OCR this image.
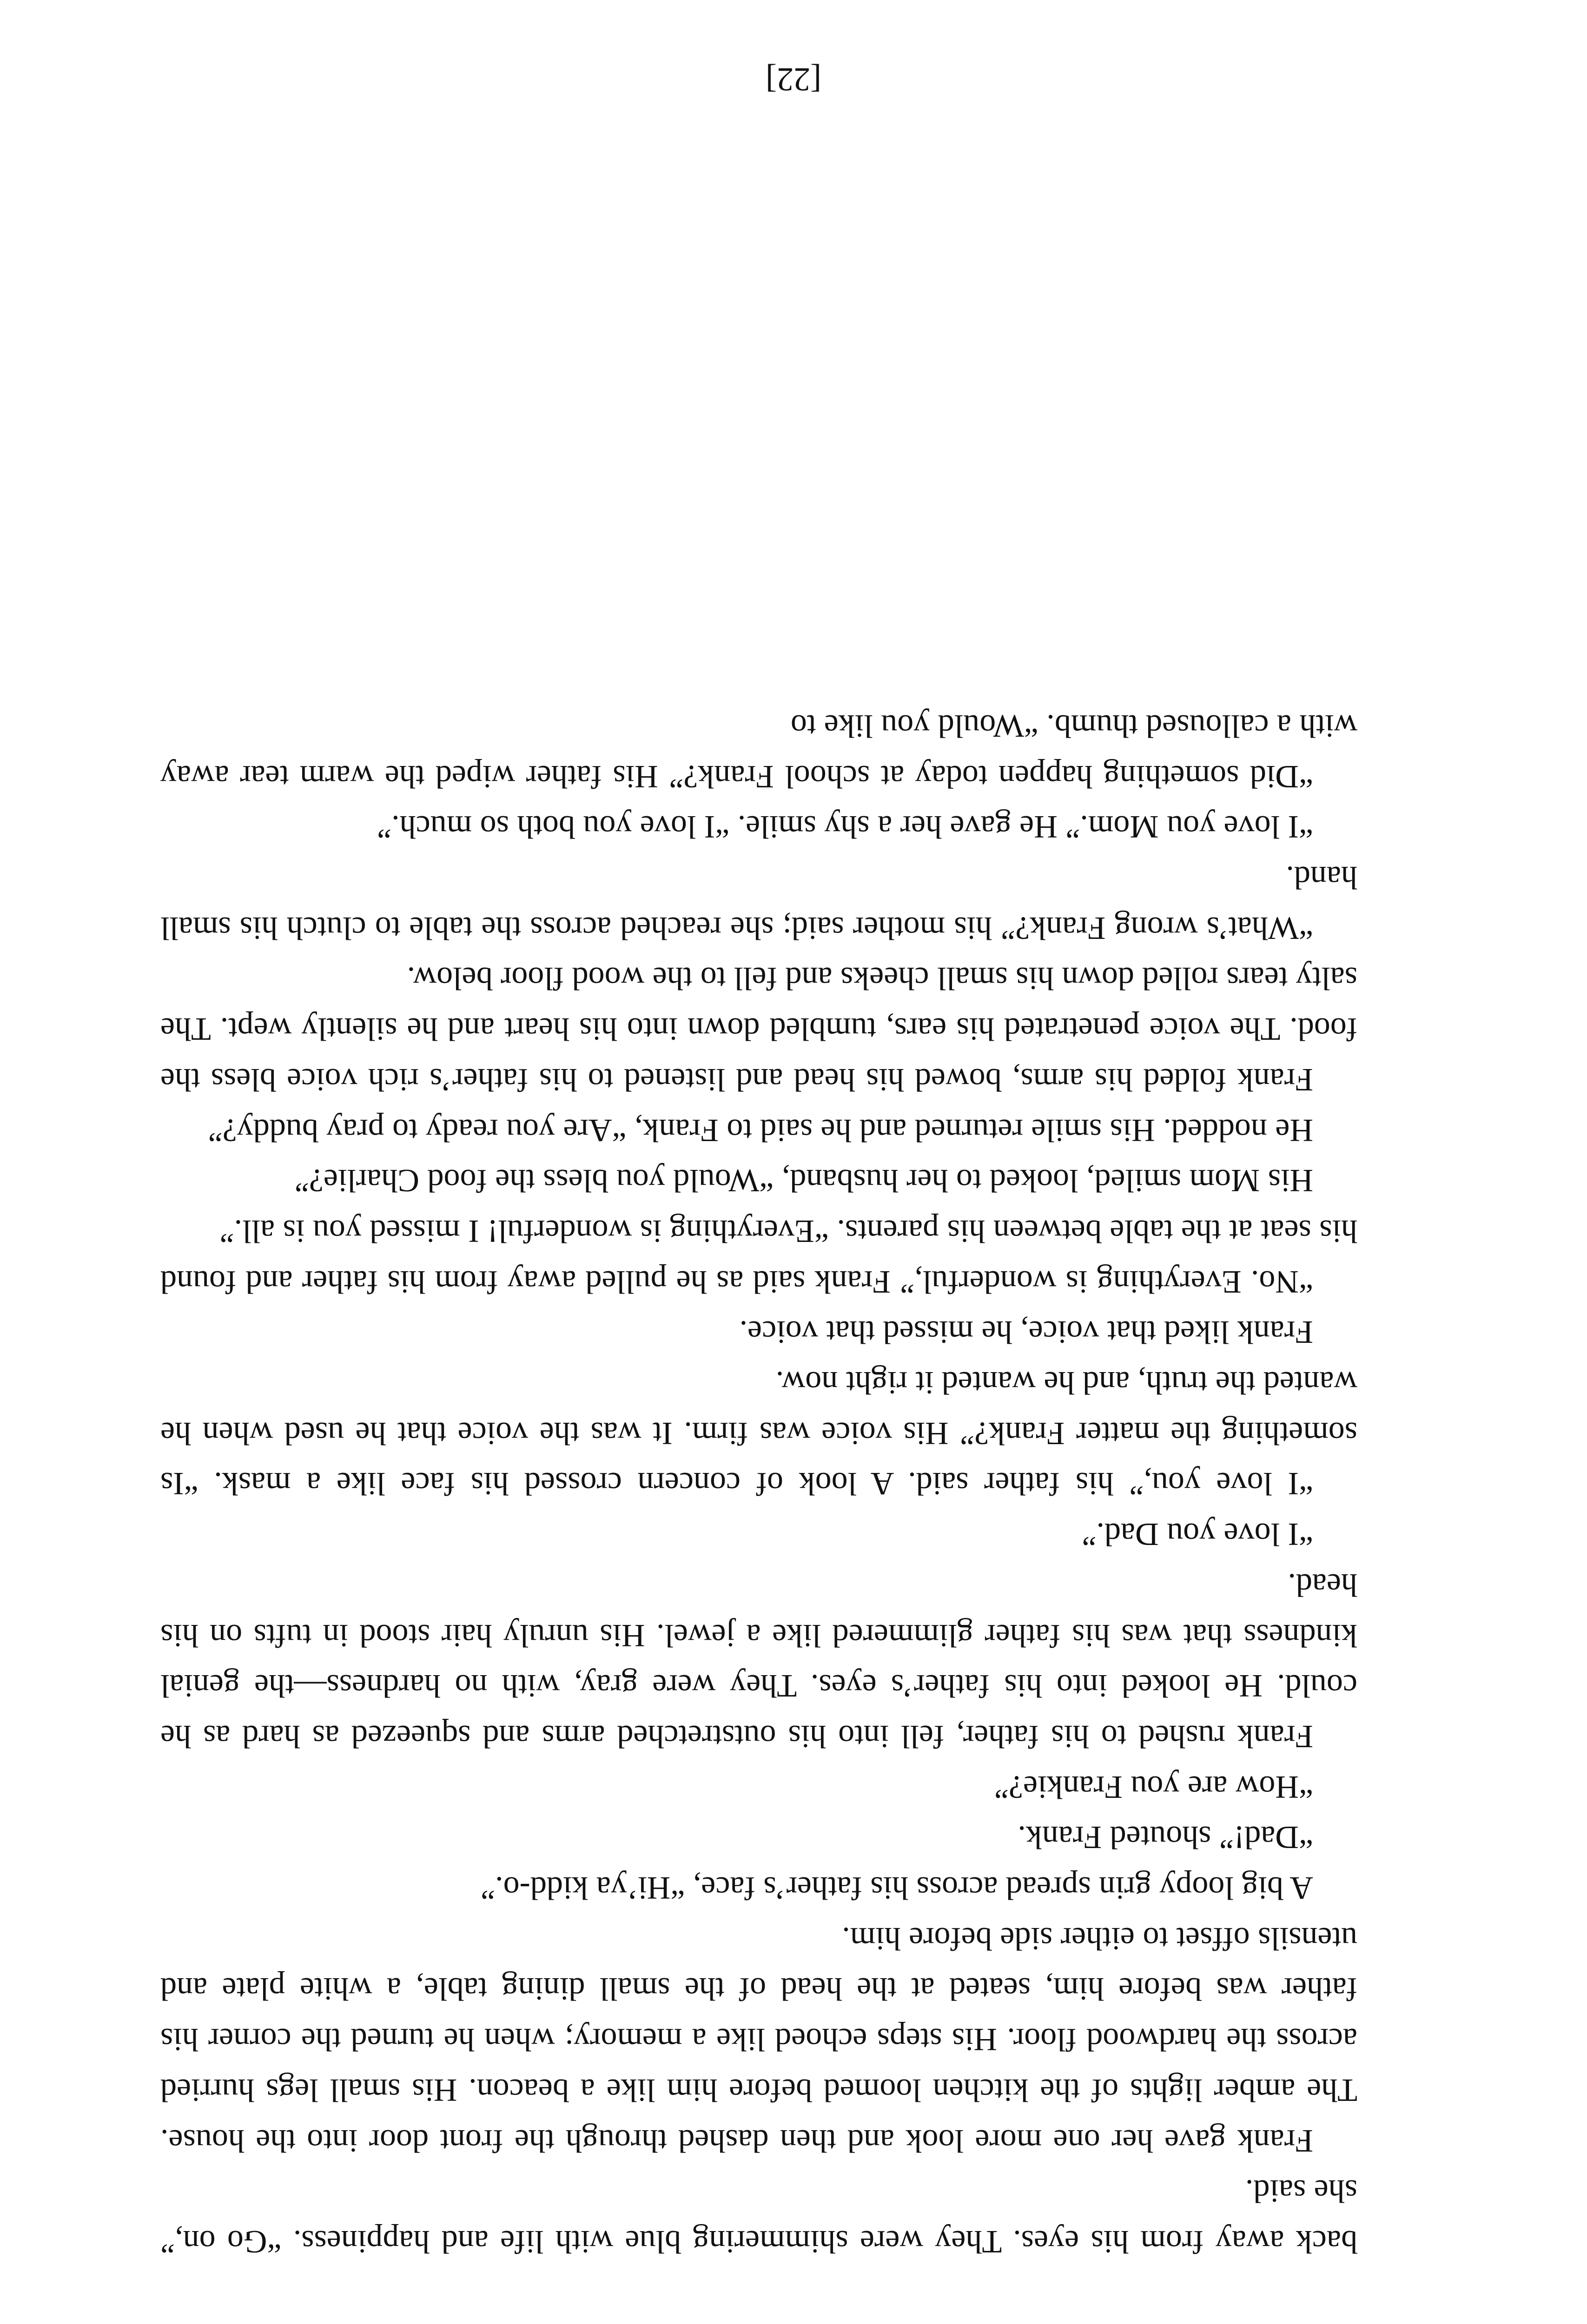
back away from his eyes. They were shimmering blue with life and happiness. “Go on,” she said.

Frank gave her one more look and then dashed through the front door into the house. The amber lights of the kitchen loomed before him like a beacon. His small legs hurried across the hardwood floor. His steps echoed like a memory; when he turned the corner his father was before him, seated at the head of the small dining table, a white plate and utensils offset to either side before him.

A big loopy grin spread across his father’s face, “Hi’ya kidd-o.”

“Dad!” shouted Frank.

“How are you Frankie?”

Frank rushed to his father, fell into his outstretched arms and squeezed as hard as he could. He looked into his father’s eyes. They were gray, with no hardness—the genial kindness that was his father glimmered like a jewel. His unruly hair stood in tufts on his head.

“I love you Dad.”

“I love you,” his father said. A look of concern crossed his face like a mask. “Is something the matter Frank?” His voice was firm. It was the voice that he used when he wanted the truth, and he wanted it right now.

Frank liked that voice, he missed that voice.

“No. Everything is wonderful,” Frank said as he pulled away from his father and found his seat at the table between his parents. “Everything is wonderful! I missed you is all.”

His Mom smiled, looked to her husband, “Would you bless the food Charlie?”

He nodded. His smile returned and he said to Frank, “Are you ready to pray buddy?”

Frank folded his arms, bowed his head and listened to his father’s rich voice bless the food. The voice penetrated his ears, tumbled down into his heart and he silently wept. The salty tears rolled down his small cheeks and fell to the wood floor below.

“What’s wrong Frank?” his mother said; she reached across the table to clutch his small hand.

“I love you Mom.” He gave her a shy smile. “I love you both so much.”

“Did something happen today at school Frank?” His father wiped the warm tear away with a calloused thumb. “Would you like to

[22]
